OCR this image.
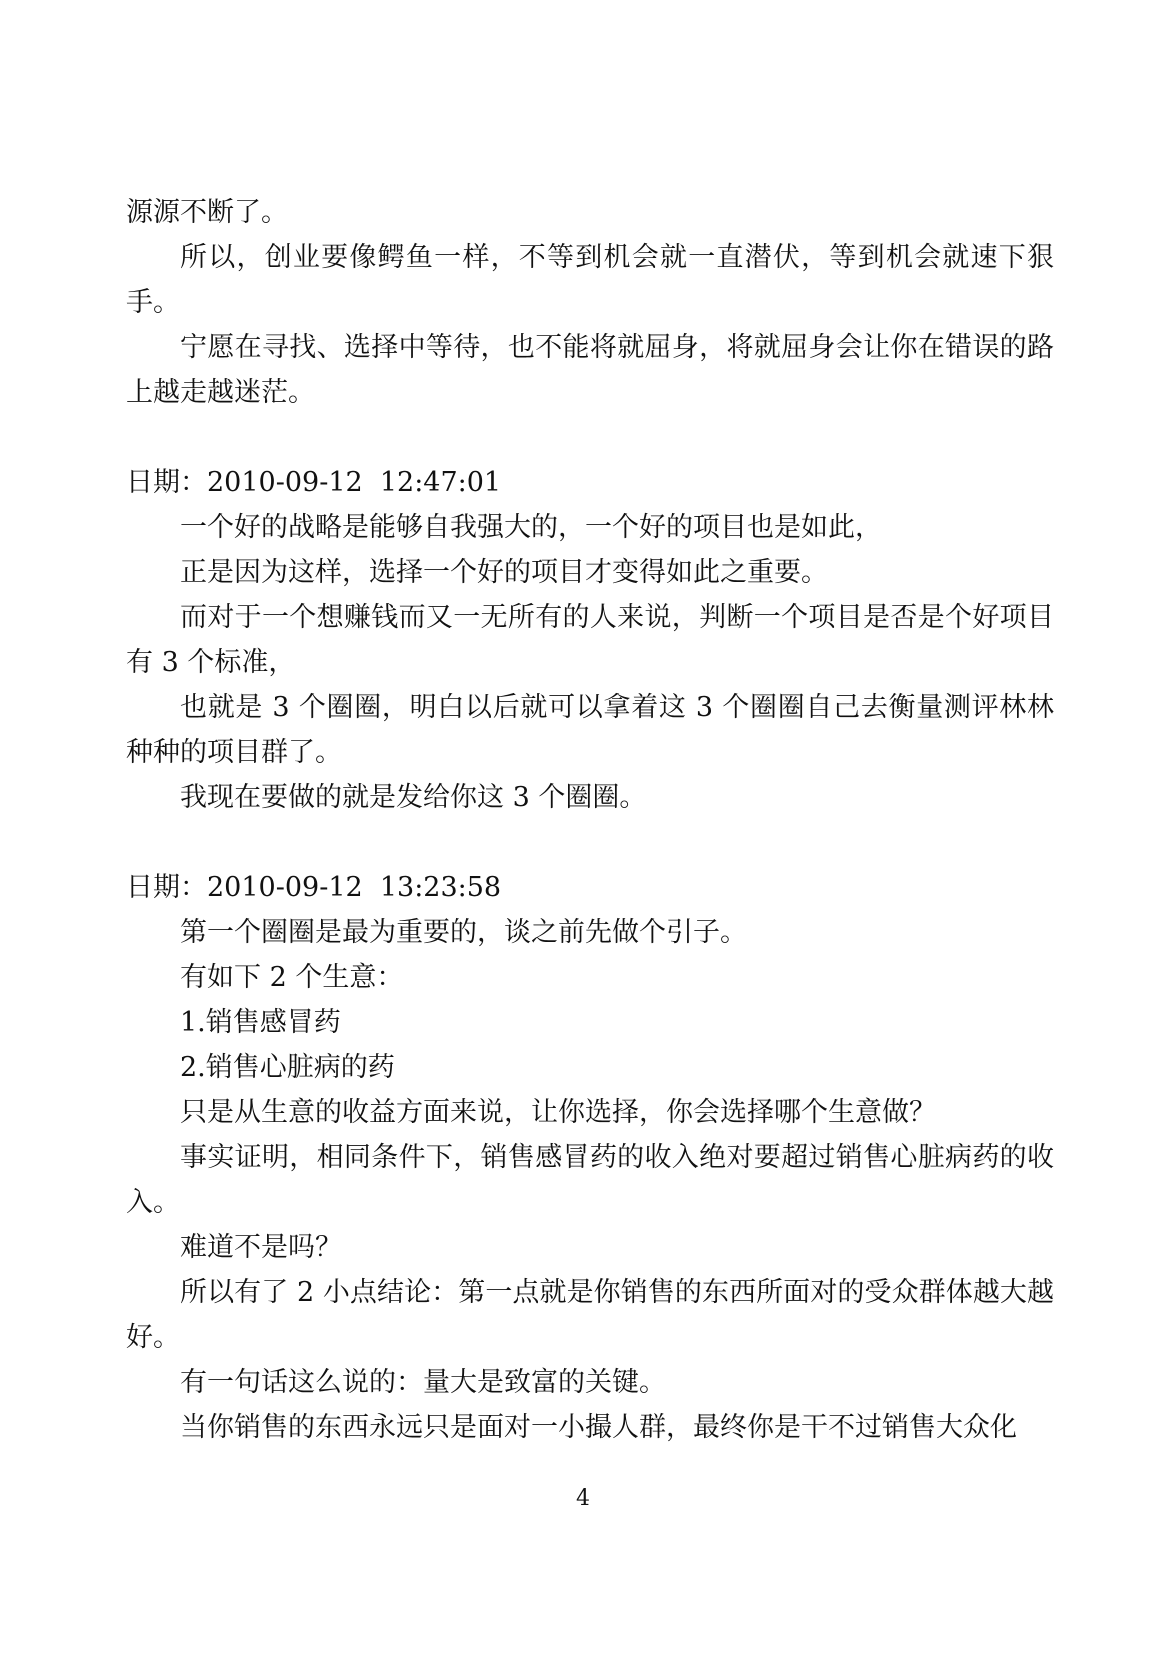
源源不断了。

所以，创业要像鳄鱼一样，不等到机会就一直潜伏，等到机会就速下狠手。

宁愿在寻找、选择中等待，也不能将就屈身，将就屈身会让你在错误的路上越走越迷茫。

日期：2010-09-12  12:47:01

一个好的战略是能够自我强大的，一个好的项目也是如此，

正是因为这样，选择一个好的项目才变得如此之重要。

而对于一个想赚钱而又一无所有的人来说，判断一个项目是否是个好项目有 3 个标准，

也就是 3 个圈圈，明白以后就可以拿着这 3 个圈圈自己去衡量测评林林种种的项目群了。

我现在要做的就是发给你这 3 个圈圈。

日期：2010-09-12  13:23:58

第一个圈圈是最为重要的，谈之前先做个引子。

有如下 2 个生意：

1.销售感冒药

2.销售心脏病的药

只是从生意的收益方面来说，让你选择，你会选择哪个生意做？

事实证明，相同条件下，销售感冒药的收入绝对要超过销售心脏病药的收入。

难道不是吗？

所以有了 2 小点结论：第一点就是你销售的东西所面对的受众群体越大越好。

有一句话这么说的：量大是致富的关键。

当你销售的东西永远只是面对一小撮人群，最终你是干不过销售大众化

4
